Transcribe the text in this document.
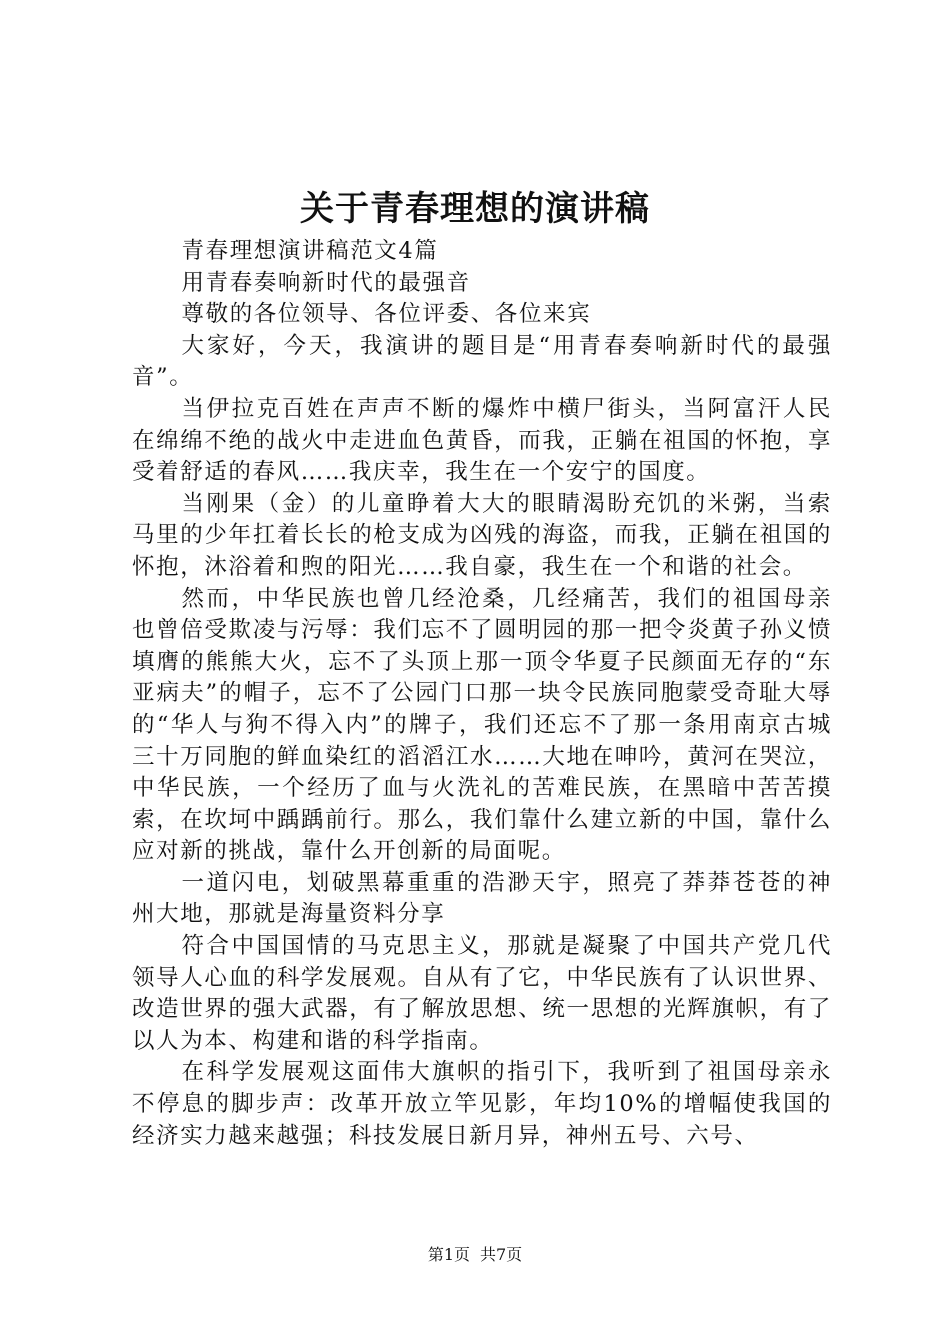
关于青春理想的演讲稿

青春理想演讲稿范文4篇

用青春奏响新时代的最强音

尊敬的各位领导、各位评委、各位来宾

大家好，今天，我演讲的题目是“用青春奏响新时代的最强音”。

当伊拉克百姓在声声不断的爆炸中横尸街头，当阿富汗人民在绵绵不绝的战火中走进血色黄昏，而我，正躺在祖国的怀抱，享受着舒适的春风……我庆幸，我生在一个安宁的国度。

当刚果（金）的儿童睁着大大的眼睛渴盼充饥的米粥，当索马里的少年扛着长长的枪支成为凶残的海盗，而我，正躺在祖国的怀抱，沐浴着和煦的阳光……我自豪，我生在一个和谐的社会。

然而，中华民族也曾几经沧桑，几经痛苦，我们的祖国母亲也曾倍受欺凌与污辱：我们忘不了圆明园的那一把令炎黄子孙义愤填膺的熊熊大火，忘不了头顶上那一顶令华夏子民颜面无存的“东亚病夫”的帽子，忘不了公园门口那一块令民族同胞蒙受奇耻大辱的“华人与狗不得入内”的牌子，我们还忘不了那一条用南京古城三十万同胞的鲜血染红的滔滔江水……大地在呻吟，黄河在哭泣，中华民族，一个经历了血与火洗礼的苦难民族，在黑暗中苦苦摸索，在坎坷中踽踽前行。那么，我们靠什么建立新的中国，靠什么应对新的挑战，靠什么开创新的局面呢。

一道闪电，划破黑幕重重的浩渺天宇，照亮了莽莽苍苍的神州大地，那就是海量资料分享

符合中国国情的马克思主义，那就是凝聚了中国共产党几代领导人心血的科学发展观。自从有了它，中华民族有了认识世界、改造世界的强大武器，有了解放思想、统一思想的光辉旗帜，有了以人为本、构建和谐的科学指南。

在科学发展观这面伟大旗帜的指引下，我听到了祖国母亲永不停息的脚步声：改革开放立竿见影，年均10%的增幅使我国的经济实力越来越强；科技发展日新月异，神州五号、六号、

第1页 共7页
